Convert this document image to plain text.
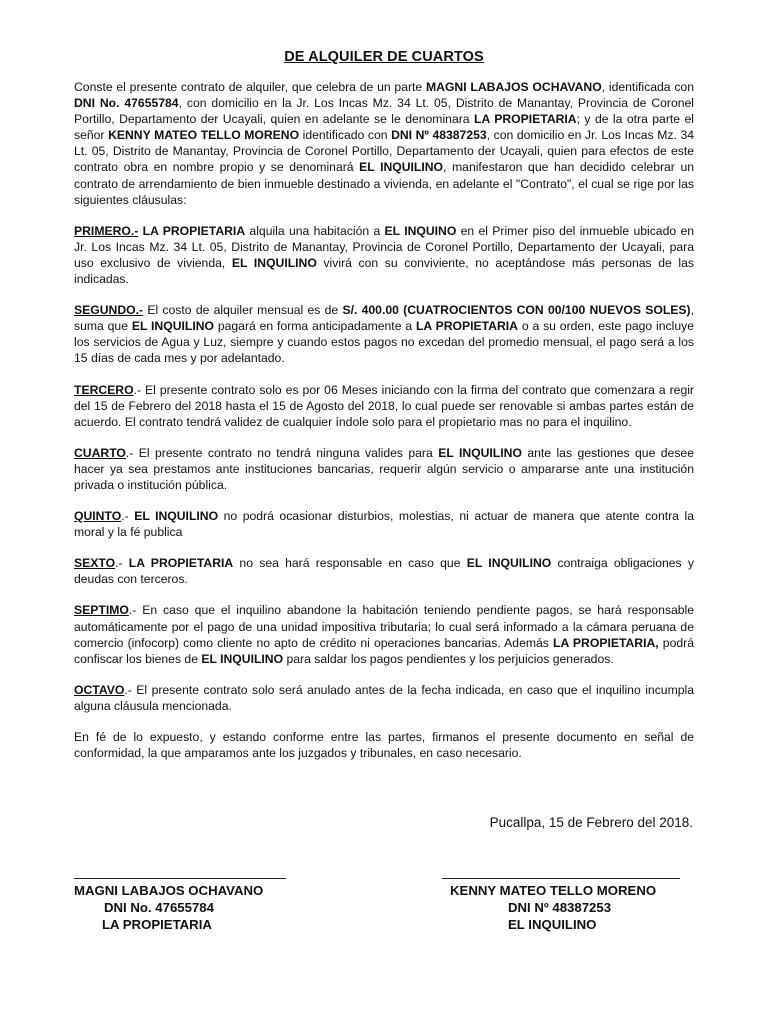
DE ALQUILER DE CUARTOS

Conste el presente contrato de alquiler, que celebra de un parte MAGNI LABAJOS OCHAVANO, identificada con DNI No. 47655784, con domicilio en la Jr. Los Incas Mz. 34 Lt. 05, Distrito de Manantay, Provincia de Coronel Portillo, Departamento der Ucayali, quien en adelante se le denominara LA PROPIETARIA; y de la otra parte el señor KENNY MATEO TELLO MORENO identificado con DNI Nº 48387253, con domicilio en Jr. Los Incas Mz. 34 Lt. 05, Distrito de Manantay, Provincia de Coronel Portillo, Departamento der Ucayali, quien para efectos de este contrato obra en nombre propio y se denominará EL INQUILINO, manifestaron que han decidido celebrar un contrato de arrendamiento de bien inmueble destinado a vivienda, en adelante el "Contrato", el cual se rige por las siguientes cláusulas:

PRIMERO.- LA PROPIETARIA alquila una habitación a EL INQUINO en el Primer piso del inmueble ubicado en Jr. Los Incas Mz. 34 Lt. 05, Distrito de Manantay, Provincia de Coronel Portillo, Departamento der Ucayali, para uso exclusivo de vivienda, EL INQUILINO vivirá con su conviviente, no aceptándose más personas de las indicadas.

SEGUNDO.- El costo de alquiler mensual es de S/. 400.00 (CUATROCIENTOS CON 00/100 NUEVOS SOLES), suma que EL INQUILINO pagará en forma anticipadamente a LA PROPIETARIA o a su orden, este pago incluye los servicios de Agua y Luz, siempre y cuando estos pagos no excedan del promedio mensual, el pago será a los 15 días de cada mes y por adelantado.

TERCERO.- El presente contrato solo es por 06 Meses iniciando con la firma del contrato que comenzara a regir del 15 de Febrero del 2018 hasta el 15 de Agosto del 2018, lo cual puede ser renovable si ambas partes están de acuerdo. El contrato tendrá validez de cualquier índole solo para el propietario mas no para el inquilino.

CUARTO.- El presente contrato no tendrá ninguna valides para EL INQUILINO ante las gestiones que desee hacer ya sea prestamos ante instituciones bancarias, requerir algún servicio o ampararse ante una institución privada o institución pública.

QUINTO.- EL INQUILINO no podrá ocasionar disturbios, molestias, ni actuar de manera que atente contra la moral y la fé publica

SEXTO.- LA PROPIETARIA no sea hará responsable en caso que EL INQUILINO contraiga obligaciones y deudas con terceros.

SEPTIMO.- En caso que el inquilino abandone la habitación teniendo pendiente pagos, se hará responsable automáticamente por el pago de una unidad impositiva tributaria; lo cual será informado a la cámara peruana de comercio (infocorp) como cliente no apto de crédito ni operaciones bancarias. Además LA PROPIETARIA, podrá confiscar los bienes de EL INQUILINO para saldar los pagos pendientes y los perjuicios generados.

OCTAVO.- El presente contrato solo será anulado antes de la fecha indicada, en caso que el inquilino incumpla alguna cláusula mencionada.

En fé de lo expuesto, y estando conforme entre las partes, firmanos el presente documento en señal de conformidad, la que amparamos ante los juzgados y tribunales, en caso necesario.

Pucallpa, 15 de Febrero del 2018.
MAGNI LABAJOS OCHAVANO
DNI No. 47655784
LA PROPIETARIA
KENNY MATEO TELLO MORENO
DNI Nº 48387253
EL INQUILINO
